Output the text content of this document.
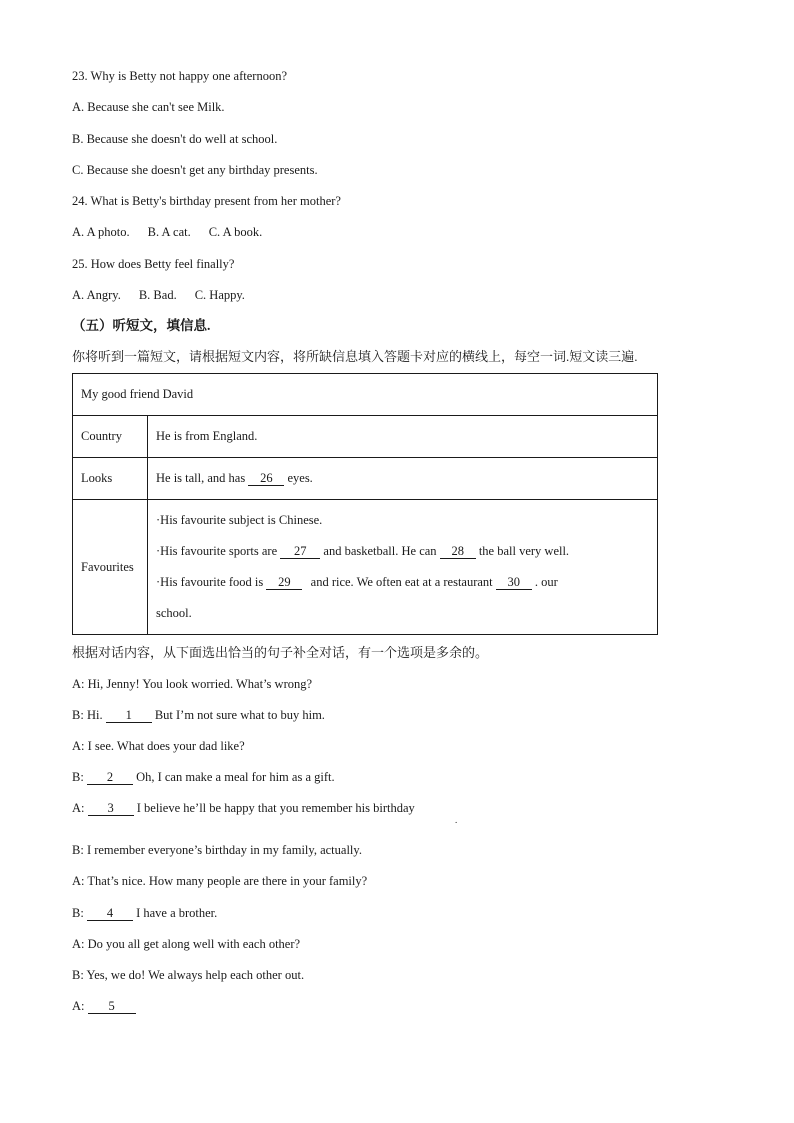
23. Why is Betty not happy one afternoon?
A. Because she can't see Milk.
B. Because she doesn't do well at school.
C. Because she doesn't get any birthday presents.
24. What is Betty's birthday present from her mother?
A. A photo. B. A cat. C. A book.
25. How does Betty feel finally?
A. Angry. B. Bad. C. Happy.
（五）听短文，填信息.
你将听到一篇短文，请根据短文内容，将所缺信息填入答题卡对应的横线上，每空一词.短文读三遍.
My good friend David	
Country	He is from England.
Looks	He is tall, and has 26 eyes.
Favourites	·His favourite subject is Chinese.
·His favourite sports are 27 and basketball. He can 28 the ball very well.
·His favourite food is 29 and rice. We often eat at a restaurant 30 . our
school.
根据对话内容，从下面选出恰当的句子补全对话，有一个选项是多余的。
A: Hi, Jenny! You look worried. What’s wrong?
B: Hi. 1 But I’m not sure what to buy him.
A: I see. What does your dad like?
B: 2 Oh, I can make a meal for him as a gift.
A: 3 I believe he’ll be happy that you remember his birthday
.
B: I remember everyone’s birthday in my family, actually.
A: That’s nice. How many people are there in your family?
B: 4 I have a brother.
A: Do you all get along well with each other?
B: Yes, we do! We always help each other out.
A: 5
